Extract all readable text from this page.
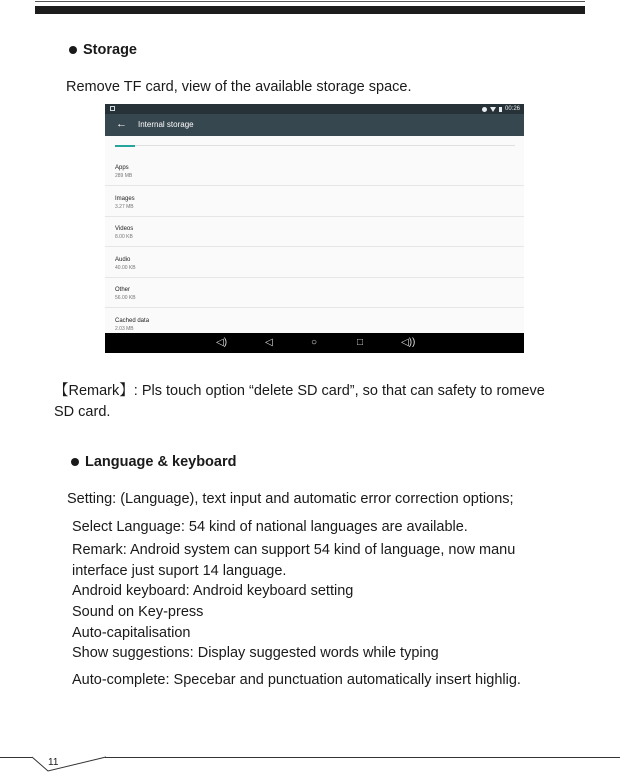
Storage
Remove TF card, view of the available storage space.
00:26
← Internal storage
Apps
289 MB
Images
3.27 MB
Videos
8.00 KB
Audio
40.00 KB
Other
56.00 KB
Cached data
2.03 MB
◁)	◁	○	□	◁))
【Remark】: Pls touch option “delete SD card”, so that can safety to romeve
SD card.
Language & keyboard
Setting: (Language), text input and automatic error correction options;
Select Language: 54 kind of national languages are available.
Remark: Android system can support 54 kind of language, now manu
interface just suport 14 language.
Android keyboard: Android keyboard setting
Sound on Key-press
Auto-capitalisation
Show suggestions: Display suggested words while typing
Auto-complete: Specebar and punctuation automatically insert highlig.
11
